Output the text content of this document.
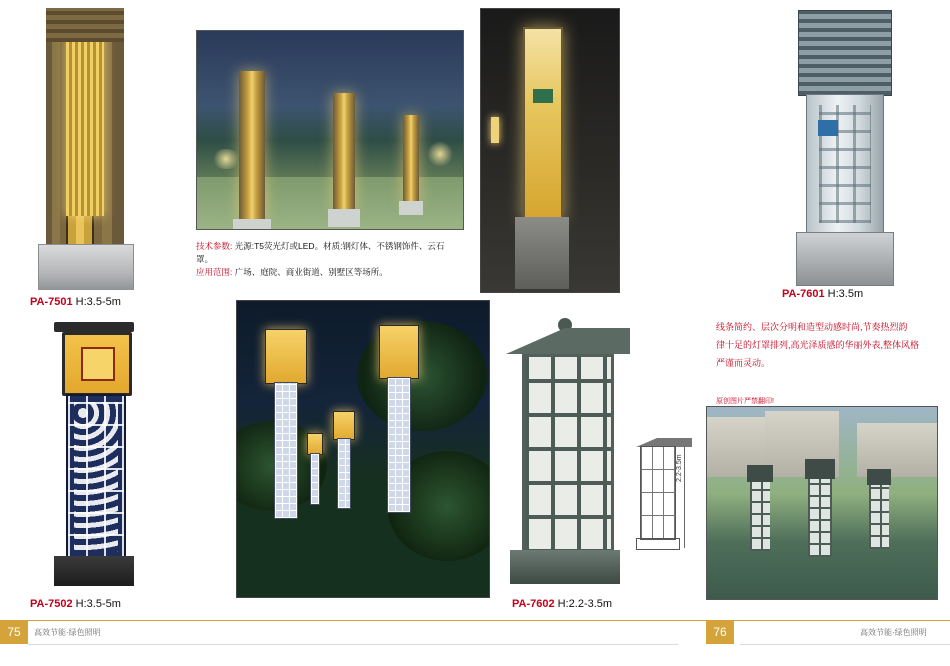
PA-7501 H:3.5-5m
PA-7502 H:3.5-5m
技术参数: 光源:T5荧光灯或LED。材质:钢灯体、不锈钢饰件、云石罩。
应用范围: 广场、庭院、商业街道、别墅区等场所。
PA-7602 H:2.2-3.5m
2.2-3.5m
PA-7601 H:3.5m

线条简约、层次分明和造型动感时尚,节奏热烈韵

律十足的灯罩排列,高光泽质感的华丽外表,整体风格

严谨而灵动。

原创图片严禁翻印!
75	高效节能·绿色照明	76	高效节能·绿色照明
